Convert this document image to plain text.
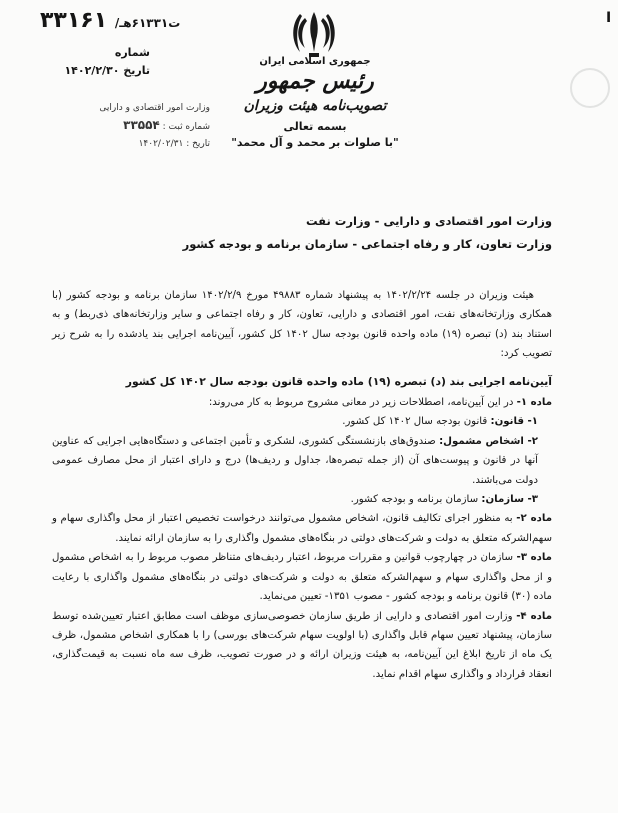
۳۳۱۶۱ /ت۶۱۳۳۱هـ
شماره
تاریخ ۱۴۰۲/۲/۳۰
وزارت امور اقتصادی و دارایی
شماره ثبت : ۳۳۵۵۴
تاریخ : ۱۴۰۲/۰۲/۳۱
I
جمهوری اسلامی ایران
رئیس جمهور
تصویب‌نامه هیئت وزیران
بسمه تعالی
"با صلوات بر محمد و آل محمد"
وزارت امور اقتصادی و دارایی - وزارت نفت
وزارت تعاون، کار و رفاه اجتماعی - سازمان برنامه و بودجه کشور

هیئت وزیران در جلسه ۱۴۰۲/۲/۲۴ به پیشنهاد شماره ۴۹۸۸۳ مورخ ۱۴۰۲/۲/۹ سازمان برنامه و بودجه کشور (با همکاری وزارتخانه‌های نفت، امور اقتصادی و دارایی، تعاون، کار و رفاه اجتماعی و سایر وزارتخانه‌های ذی‌ربط) و به استناد بند (د) تبصره (۱۹) ماده واحده قانون بودجه سال ۱۴۰۲ کل کشور، آیین‌نامه اجرایی بند یادشده را به شرح زیر تصویب کرد:

آیین‌نامه اجرایی بند (د) تبصره (۱۹) ماده واحده قانون بودجه سال ۱۴۰۲ کل کشور

ماده ۱- در این آیین‌نامه، اصطلاحات زیر در معانی مشروح مربوط به کار می‌روند:

۱- قانون: قانون بودجه سال ۱۴۰۲ کل کشور.

۲- اشخاص مشمول: صندوق‌های بازنشستگی کشوری، لشکری و تأمین اجتماعی و دستگاه‌هایی اجرایی که عناوین آنها در قانون و پیوست‌های آن (از جمله تبصره‌ها، جداول و ردیف‌ها) درج و دارای اعتبار از محل مصارف عمومی دولت می‌باشند.

۳- سازمان: سازمان برنامه و بودجه کشور.

ماده ۲- به منظور اجرای تکالیف قانون، اشخاص مشمول می‌توانند درخواست تخصیص اعتبار از محل واگذاری سهام و سهم‌الشرکه متعلق به دولت و شرکت‌های دولتی در بنگاه‌های مشمول واگذاری را به سازمان ارائه نمایند.

ماده ۳- سازمان در چهارچوب قوانین و مقررات مربوط، اعتبار ردیف‌های متناظر مصوب مربوط را به اشخاص مشمول و از محل واگذاری سهام و سهم‌الشرکه متعلق به دولت و شرکت‌های دولتی در بنگاه‌های مشمول واگذاری با رعایت ماده (۳۰) قانون برنامه و بودجه کشور - مصوب ۱۳۵۱- تعیین می‌نماید.

ماده ۴- وزارت امور اقتصادی و دارایی از طریق سازمان خصوصی‌سازی موظف است مطابق اعتبار تعیین‌شده توسط سازمان، پیشنهاد تعیین سهام قابل واگذاری (با اولویت سهام شرکت‌های بورسی) را با همکاری اشخاص مشمول، ظرف یک ماه از تاریخ ابلاغ این آیین‌نامه، به هیئت وزیران ارائه و در صورت تصویب، ظرف سه ماه نسبت به قیمت‌گذاری، انعقاد قرارداد و واگذاری سهام اقدام نماید.
